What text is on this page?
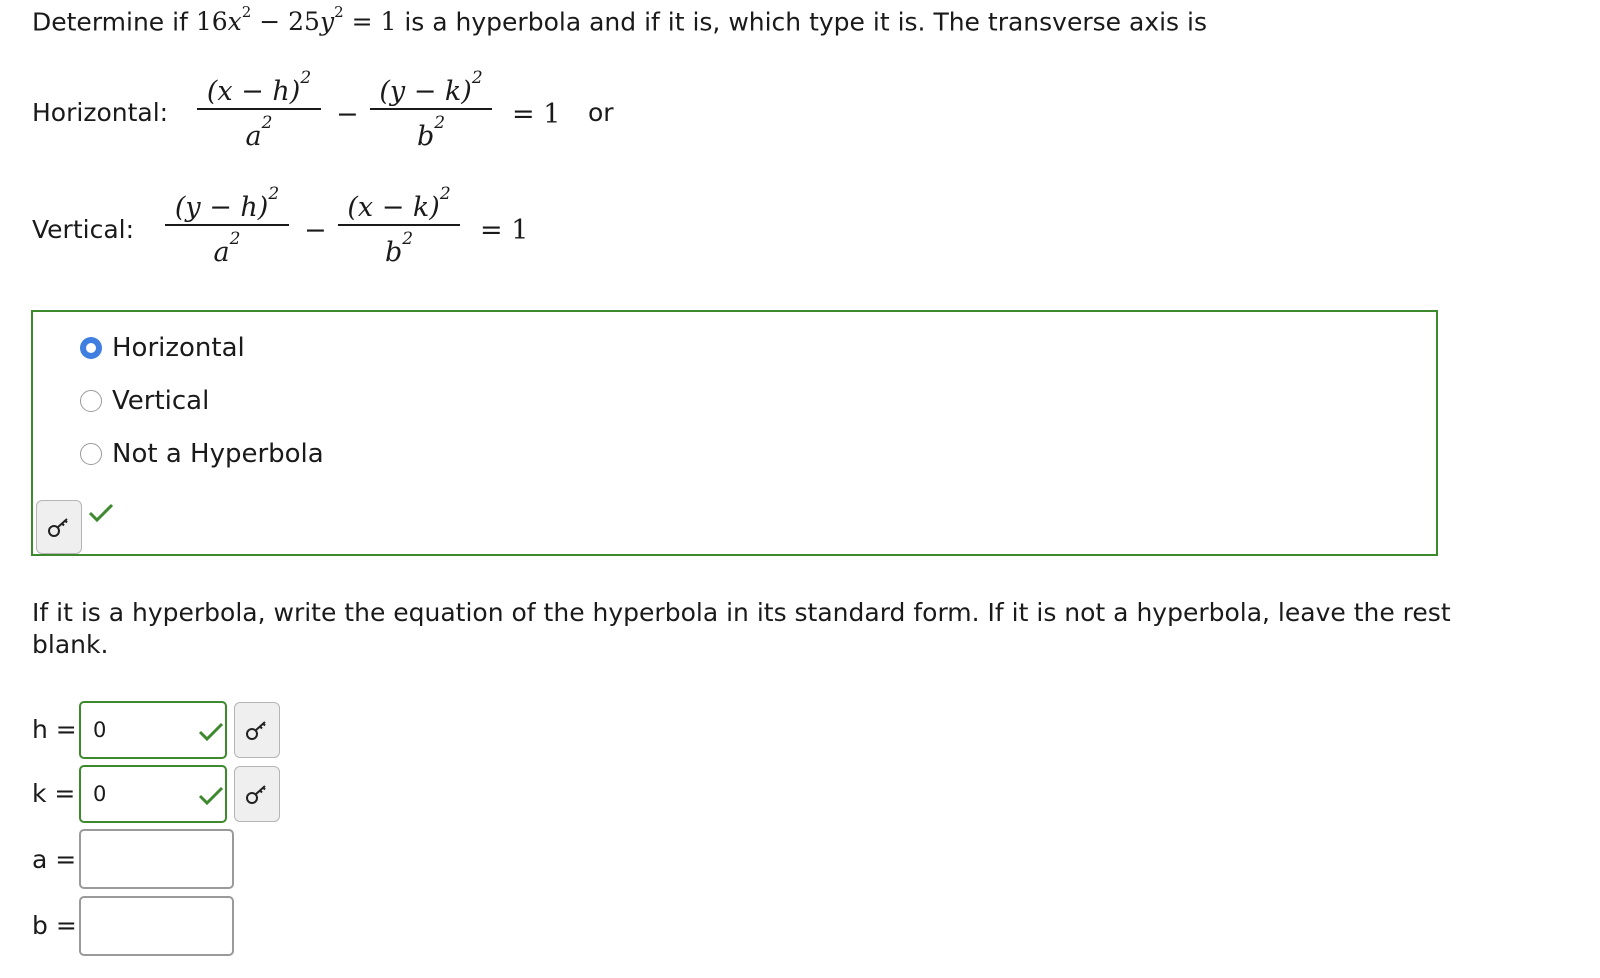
Determine if $16x^2 - 25y^2 = 1$ is a hyperbola and if it is, which type it is. The transverse axis is
Horizontal:
$(x - h)^2$
$a^2$	−
$(y - k)^2$
$b^2$	= 1 or
Vertical:
$(y - h)^2$
$a^2$	−
$(x - k)^2$
$b^2$	= 1
Horizontal
Vertical
Not a Hyperbola
If it is a hyperbola, write the equation of the hyperbola in its standard form. If it is not a hyperbola, leave the rest blank.
h =
0
k =
0
a =
b =
